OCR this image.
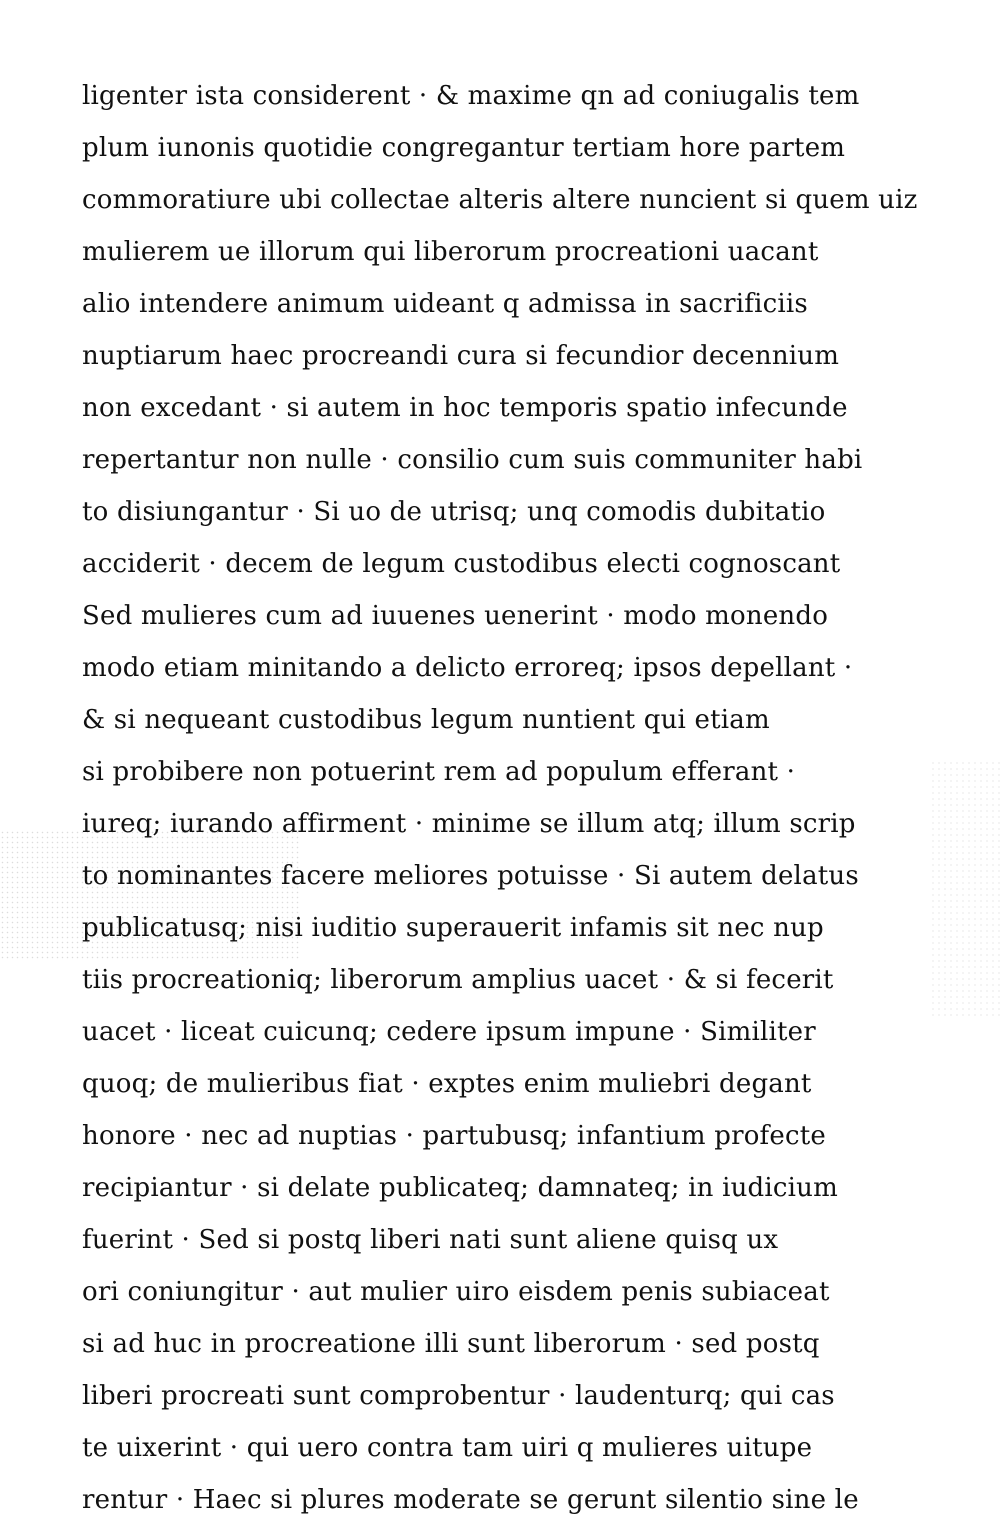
ligenter ista considerent · & maxime qn ad coniugalis tem
plum iunonis quotidie congregantur tertiam hore partem
commoratiure ubi collectae alteris altere nuncient si quem uiz
mulierem ue illorum qui liberorum procreationi uacant
alio intendere animum uideant q admissa in sacrificiis
nuptiarum haec procreandi cura si fecundior decennium
non excedant · si autem in hoc temporis spatio infecunde
repertantur non nulle · consilio cum suis communiter habi
to disiungantur · Si uo de utrisq; unq comodis dubitatio
acciderit · decem de legum custodibus electi cognoscant
Sed mulieres cum ad iuuenes uenerint · modo monendo
modo etiam minitando a delicto erroreq; ipsos depellant ·
& si nequeant custodibus legum nuntient qui etiam
si probibere non potuerint rem ad populum efferant ·
iureq; iurando affirment · minime se illum atq; illum scrip
to nominantes facere meliores potuisse · Si autem delatus
publicatusq; nisi iuditio superauerit infamis sit nec nup
tiis procreationiq; liberorum amplius uacet · & si fecerit
uacet · liceat cuicunq; cedere ipsum impune · Similiter
quoq; de mulieribus fiat · exptes enim muliebri degant
honore · nec ad nuptias · partubusq; infantium profecte
recipiantur · si delate publicateq; damnateq; in iudicium
fuerint · Sed si postq liberi nati sunt aliene quisq ux
ori coniungitur · aut mulier uiro eisdem penis subiaceat
si ad huc in procreatione illi sunt liberorum · sed postq
liberi procreati sunt comprobentur · laudenturq; qui cas
te uixerint · qui uero contra tam uiri q mulieres uitupe
rentur · Haec si plures moderate se gerunt silentio sine le
